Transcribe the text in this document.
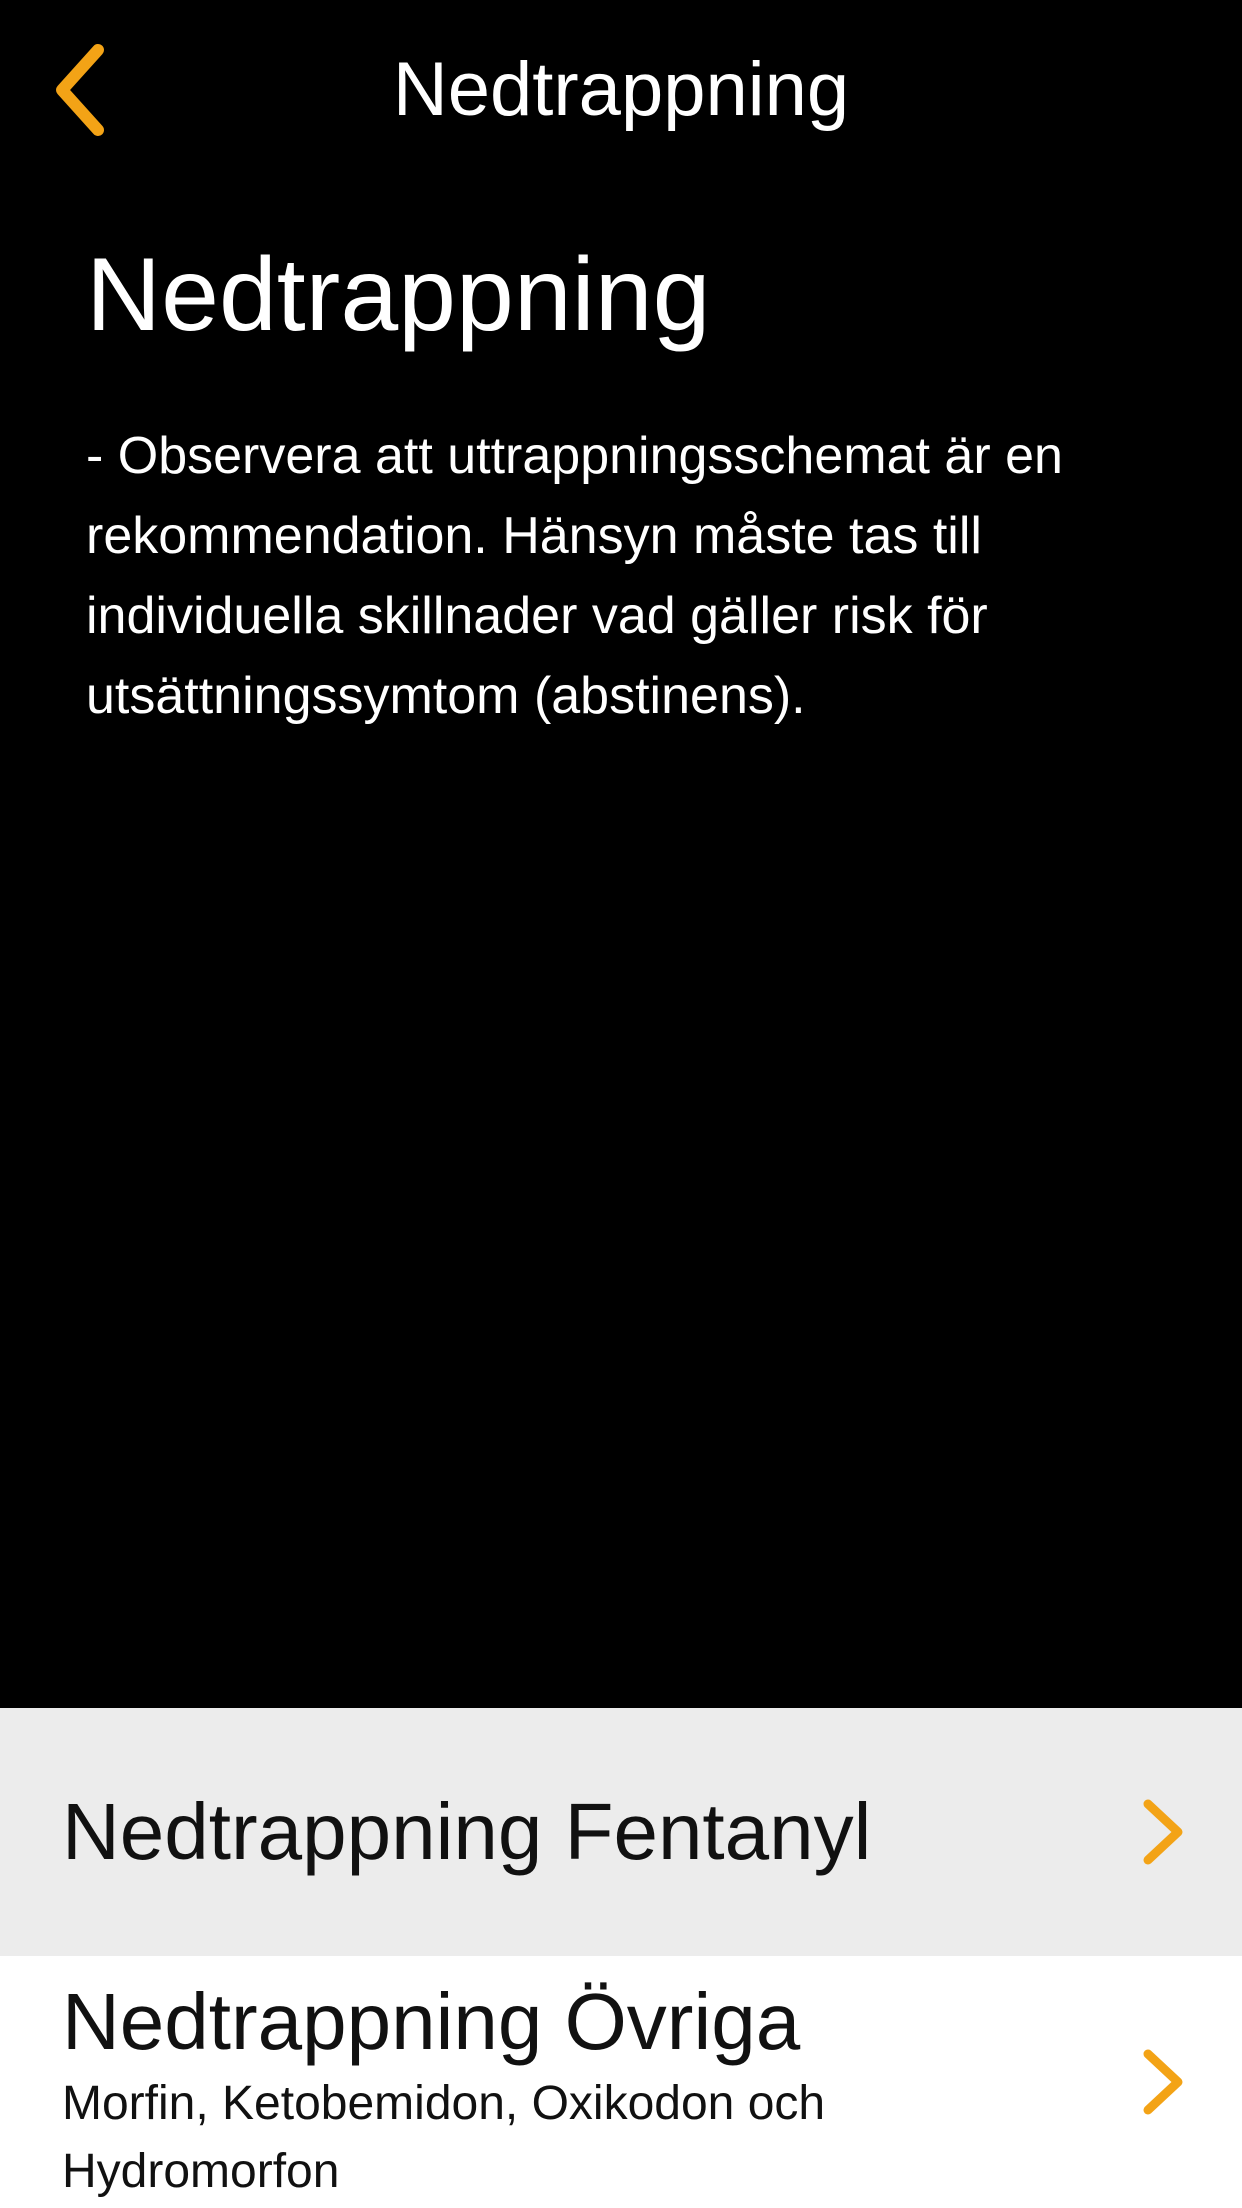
Nedtrappning
Nedtrappning
- Observera att uttrappningsschemat är en rekommendation. Hänsyn måste tas till individuella skillnader vad gäller risk för utsättningssymtom (abstinens).
Nedtrappning Fentanyl
Nedtrappning Övriga
Morfin, Ketobemidon, Oxikodon och Hydromorfon
